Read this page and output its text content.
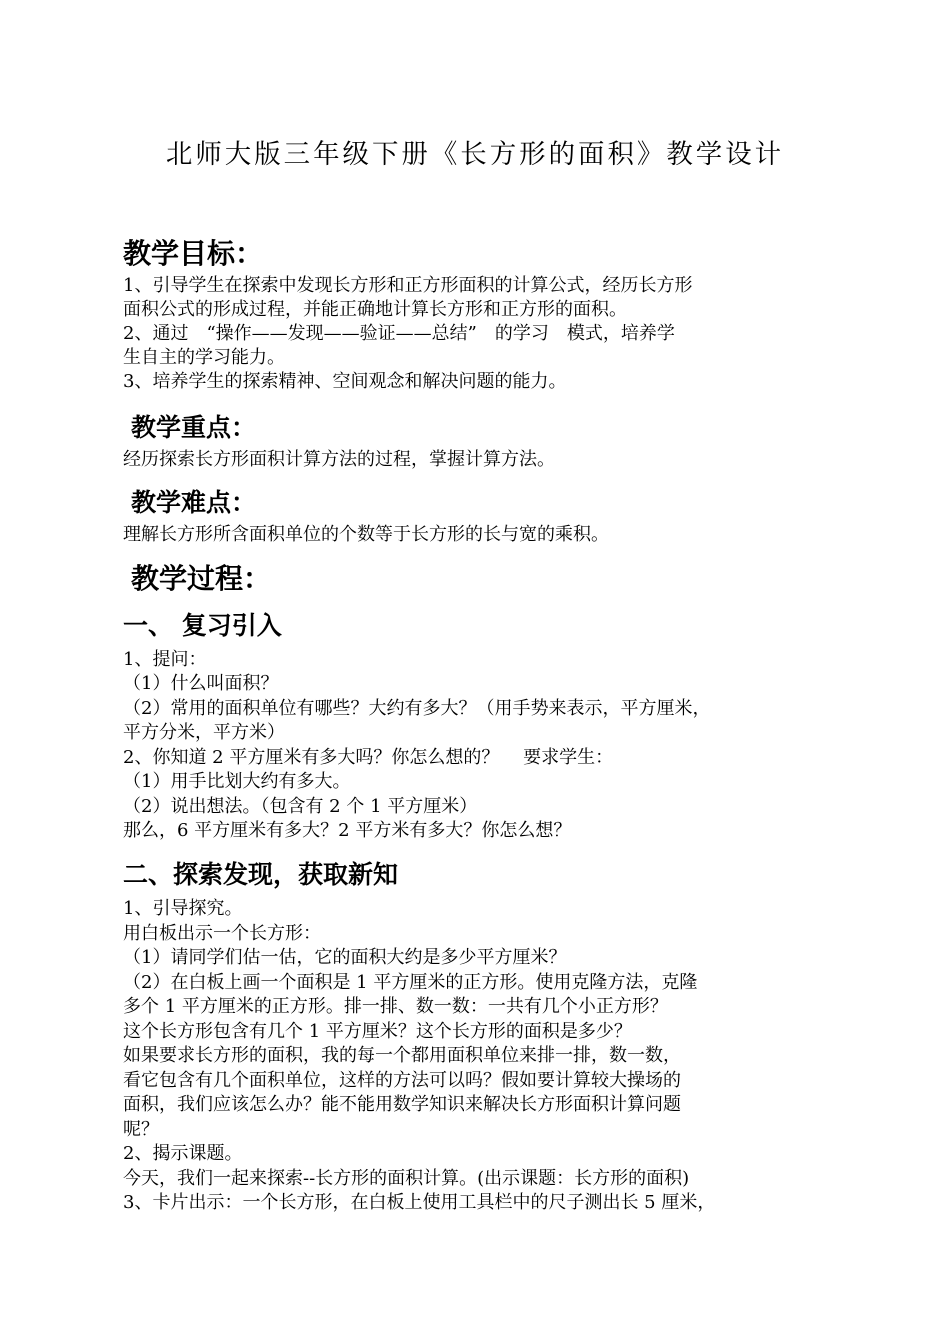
北师大版三年级下册《长方形的面积》教学设计
教学目标：
1、引导学生在探索中发现长方形和正方形面积的计算公式，经历长方形
面积公式的形成过程，并能正确地计算长方形和正方形的面积。
2、通过　“操作——发现——验证——总结”　的学习　模式，培养学
生自主的学习能力。
3、培养学生的探索精神、空间观念和解决问题的能力。
教学重点：
经历探索长方形面积计算方法的过程，掌握计算方法。
教学难点：
理解长方形所含面积单位的个数等于长方形的长与宽的乘积。
教学过程：
一、 复习引入
1、提问：
（1）什么叫面积？
（2）常用的面积单位有哪些？大约有多大？（用手势来表示，平方厘米，
平方分米，平方米）
2、你知道 2 平方厘米有多大吗？你怎么想的？　 要求学生：
（1）用手比划大约有多大。
（2）说出想法。（包含有 2 个 1 平方厘米）
那么，6 平方厘米有多大？2 平方米有多大？你怎么想？
二、探索发现，获取新知
1、引导探究。
用白板出示一个长方形：
（1）请同学们估一估，它的面积大约是多少平方厘米？
（2）在白板上画一个面积是 1 平方厘米的正方形。使用克隆方法，克隆
多个 1 平方厘米的正方形。排一排、数一数：一共有几个小正方形？
这个长方形包含有几个 1 平方厘米？这个长方形的面积是多少？
如果要求长方形的面积，我的每一个都用面积单位来排一排，数一数，
看它包含有几个面积单位，这样的方法可以吗？假如要计算较大操场的
面积，我们应该怎么办？能不能用数学知识来解决长方形面积计算问题
呢？
2、揭示课题。
今天，我们一起来探索--长方形的面积计算。(出示课题：长方形的面积)
3、卡片出示：一个长方形，在白板上使用工具栏中的尺子测出长 5 厘米，
